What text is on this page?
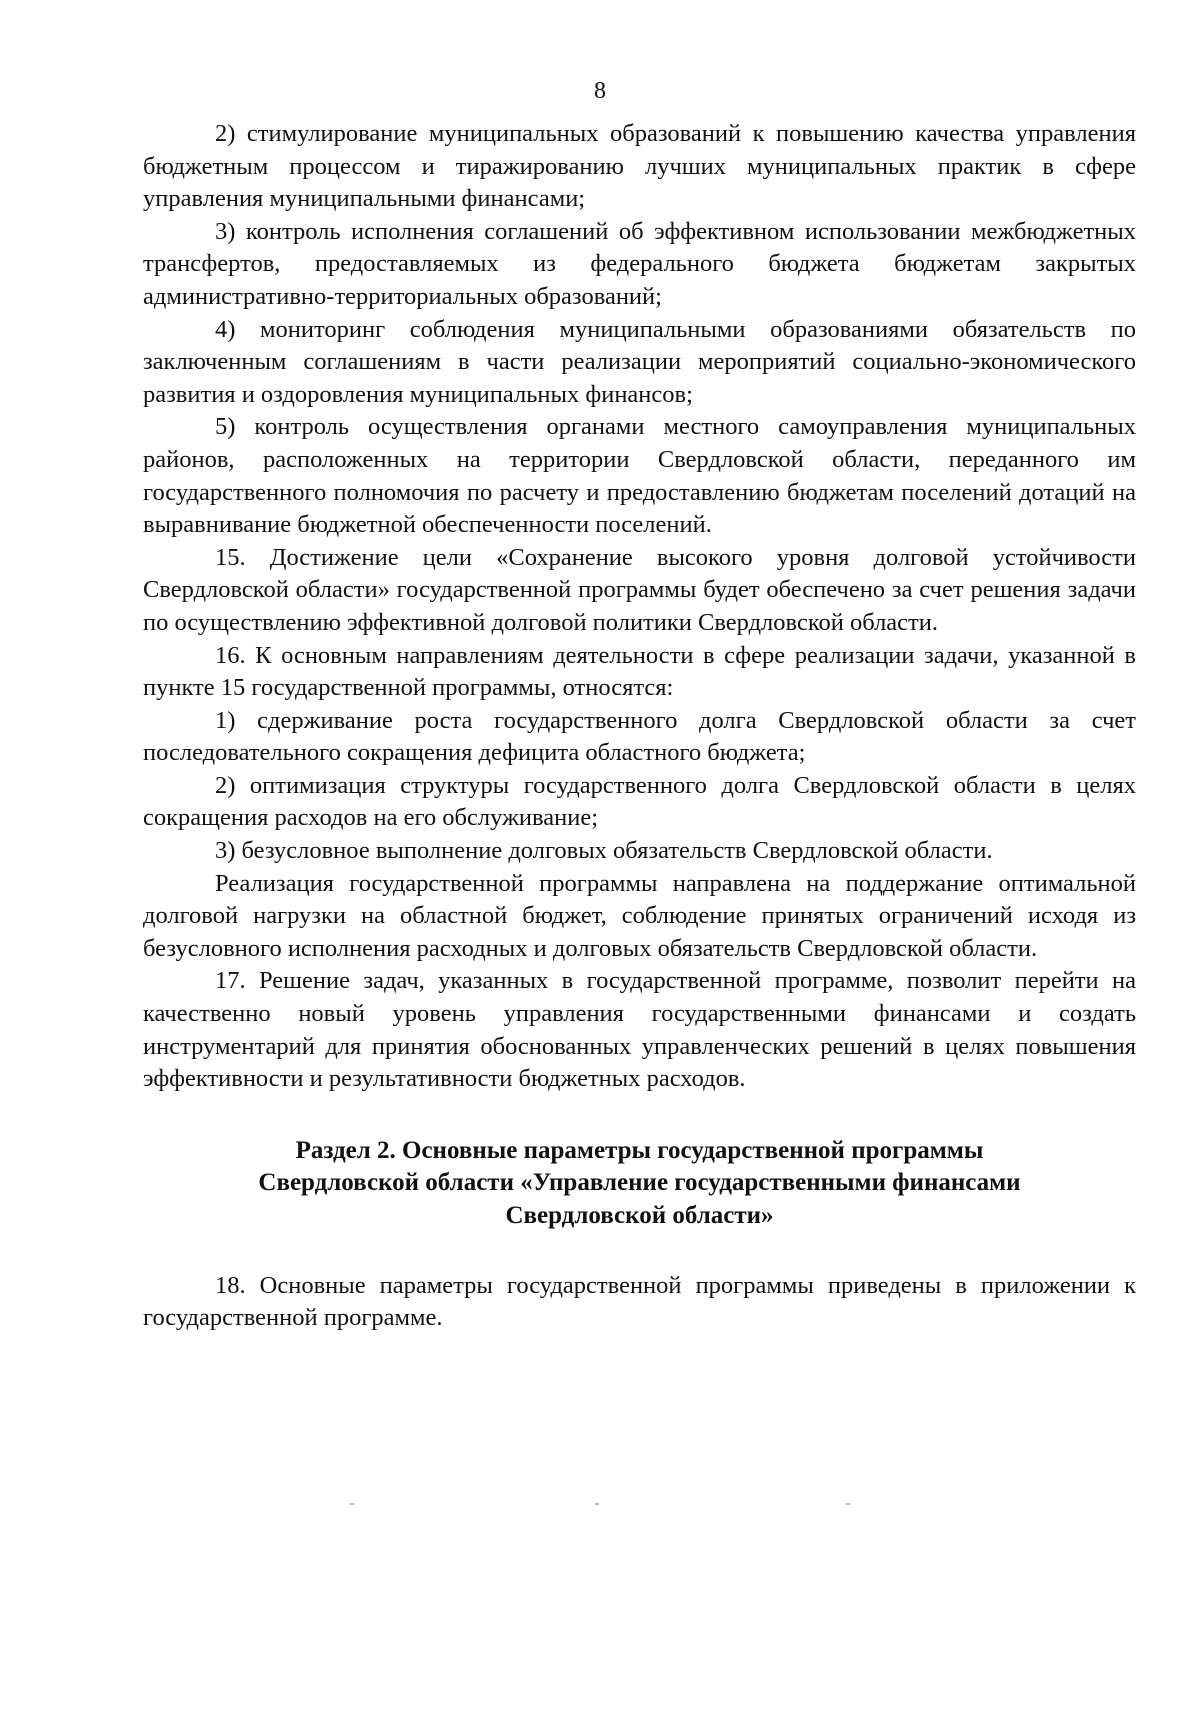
8

2) стимулирование муниципальных образований к повышению качества управления бюджетным процессом и тиражированию лучших муниципальных практик в сфере управления муниципальными финансами;

3) контроль исполнения соглашений об эффективном использовании межбюджетных трансфертов, предоставляемых из федерального бюджета бюджетам закрытых административно-территориальных образований;

4) мониторинг соблюдения муниципальными образованиями обязательств по заключенным соглашениям в части реализации мероприятий социально-экономического развития и оздоровления муниципальных финансов;

5) контроль осуществления органами местного самоуправления муниципальных районов, расположенных на территории Свердловской области, переданного им государственного полномочия по расчету и предоставлению бюджетам поселений дотаций на выравнивание бюджетной обеспеченности поселений.

15. Достижение цели «Сохранение высокого уровня долговой устойчивости Свердловской области» государственной программы будет обеспечено за счет решения задачи по осуществлению эффективной долговой политики Свердловской области.

16. К основным направлениям деятельности в сфере реализации задачи, указанной в пункте 15 государственной программы, относятся:

1) сдерживание роста государственного долга Свердловской области за счет последовательного сокращения дефицита областного бюджета;

2) оптимизация структуры государственного долга Свердловской области в целях сокращения расходов на его обслуживание;

3) безусловное выполнение долговых обязательств Свердловской области.

Реализация государственной программы направлена на поддержание оптимальной долговой нагрузки на областной бюджет, соблюдение принятых ограничений исходя из безусловного исполнения расходных и долговых обязательств Свердловской области.

17. Решение задач, указанных в государственной программе, позволит перейти на качественно новый уровень управления государственными финансами и создать инструментарий для принятия обоснованных управленческих решений в целях повышения эффективности и результативности бюджетных расходов.

Раздел 2. Основные параметры государственной программы
Свердловской области «Управление государственными финансами
Свердловской области»

18. Основные параметры государственной программы приведены в приложении к государственной программе.
